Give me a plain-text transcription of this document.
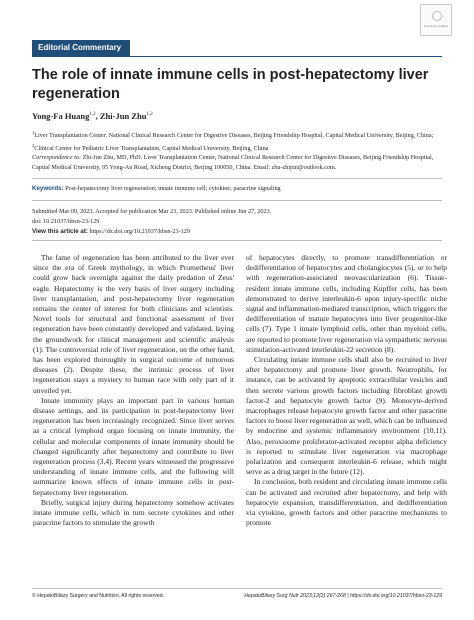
Check for updates
Editorial Commentary
The role of innate immune cells in post-hepatectomy liver regeneration
Yong-Fa Huang$^{1,2}$, Zhi-Jun Zhu$^{1,2}$
$^1$Liver Transplantation Center, National Clinical Research Center for Digestive Diseases, Beijing Friendship Hospital, Capital Medical University, Beijing, China; $^2$Clinical Center for Pediatric Liver Transplantation, Capital Medical University, Beijing, China
Correspondence to: Zhi-Jun Zhu, MD, PhD. Liver Transplantation Center, National Clinical Research Center for Digestive Diseases, Beijing Friendship Hospital, Capital Medical University, 95 Yong-An Road, Xicheng District, Beijing 100050, China. Email: zhu-zhijun@outlook.com.
Keywords: Post-hepatectomy liver regeneration; innate immune cell; cytokine; paracrine signaling
Submitted Mar 09, 2023. Accepted for publication Mar 23, 2023. Published online Jun 27, 2023.
doi: 10.21037/hbsn-23-129
View this article at: https://dx.doi.org/10.21037/hbsn-23-129

The fame of regeneration has been attributed to the liver ever since the era of Greek mythology, in which Prometheus' liver could grow back overnight against the daily predation of Zeus' eagle. Hepatectomy is the very basis of liver surgery including liver transplantation, and post-hepatectomy liver regeneration remains the center of interest for both clinicians and scientists. Novel tools for structural and functional assessment of liver regeneration have been constantly developed and validated, laying the groundwork for clinical management and scientific analysis (1). The controversial role of liver regeneration, on the other hand, has been explored thoroughly in surgical outcome of tumorous diseases (2). Despite these, the intrinsic process of liver regeneration stays a mystery to human race with only part of it unveiled yet.

Innate immunity plays an important part in various human disease settings, and its participation in post-hepatectomy liver regeneration has been increasingly recognized. Since liver serves as a critical lymphoid organ focusing on innate immunity, the cellular and molecular components of innate immunity should be changed significantly after hepatectomy and contribute to liver regeneration process (3,4). Recent years witnessed the progressive understanding of innate immune cells, and the following will summarize known effects of innate immune cells in post-hepatectomy liver regeneration.

Briefly, surgical injury during hepatectomy somehow activates innate immune cells, which in turn secrete cytokines and other paracrine factors to stimulate the growth

of hepatocytes directly, to promote transdifferentiation or dedifferentiation of hepatocytes and cholangiocytes (5), or to help with regeneration-associated neovascularization (6). Tissue-resident innate immune cells, including Kupffer cells, has been demonstrated to derive interleukin-6 upon injury-specific niche signal and inflammation-mediated transcription, which triggers the dedifferentiation of mature hepatocytes into liver progenitor-like cells (7). Type 1 innate lymphoid cells, other than myeloid cells, are reported to promote liver regeneration via sympathetic nervous stimulation-activated interleukin-22 secretion (8).

Circulating innate immune cells shall also be recruited to liver after hepatectomy and promote liver growth. Neutrophils, for instance, can be activated by apoptotic extracellular vesicles and then secrete various growth factors including fibroblast growth factor-2 and hepatocyte growth factor (9). Monocyte-derived macrophages release hepatocyte growth factor and other paracrine factors to boost liver regeneration as well, which can be influenced by endocrine and systemic inflammatory environment (10,11). Also, peroxisome proliferator-activated receptor alpha deficiency is reported to stimulate liver regeneration via macrophage polarization and consequent interleukin-6 release, which might serve as a drug target in the future (12).

In conclusion, both resident and circulating innate immune cells can be activated and recruited after hepatectomy, and help with hepatocyte expansion, transdifferentiation, and dedifferentiation via cytokine, growth factors and other paracrine mechanisms to promote

© HepatoBiliary Surgery and Nutrition. All rights reserved.	HepatoBiliary Surg Nutr 2023;12(2):267-268 | https://dx.doi.org/10.21037/hbsn-23-129
